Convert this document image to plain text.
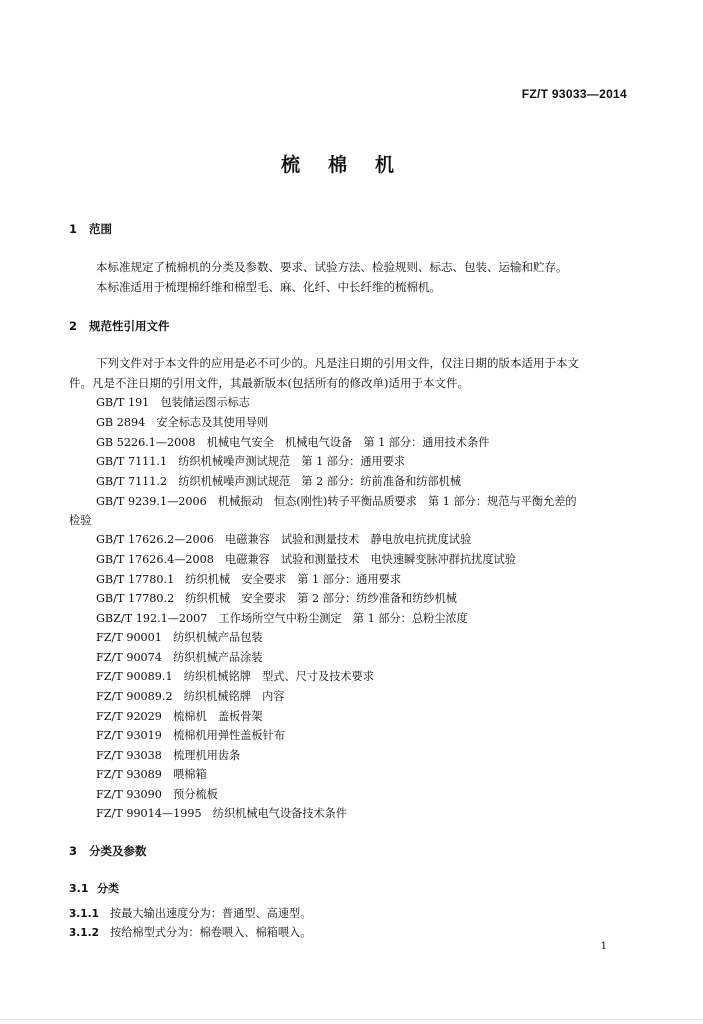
FZ/T 93033—2014
梳棉机
1 范围
本标准规定了梳棉机的分类及参数、要求、试验方法、检验规则、标志、包装、运输和贮存。
本标准适用于梳理棉纤维和棉型毛、麻、化纤、中长纤维的梳棉机。
2 规范性引用文件
下列文件对于本文件的应用是必不可少的。凡是注日期的引用文件，仅注日期的版本适用于本文
件。凡是不注日期的引用文件，其最新版本(包括所有的修改单)适用于本文件。
GB/T 191　包装储运图示标志
GB 2894　安全标志及其使用导则
GB 5226.1—2008　机械电气安全　机械电气设备　第 1 部分：通用技术条件
GB/T 7111.1　纺织机械噪声测试规范　第 1 部分：通用要求
GB/T 7111.2　纺织机械噪声测试规范　第 2 部分：纺前准备和纺部机械
GB/T 9239.1—2006　机械振动　恒态(刚性)转子平衡品质要求　第 1 部分：规范与平衡允差的
检验
GB/T 17626.2—2006　电磁兼容　试验和测量技术　静电放电抗扰度试验
GB/T 17626.4—2008　电磁兼容　试验和测量技术　电快速瞬变脉冲群抗扰度试验
GB/T 17780.1　纺织机械　安全要求　第 1 部分：通用要求
GB/T 17780.2　纺织机械　安全要求　第 2 部分：纺纱准备和纺纱机械
GBZ/T 192.1—2007　工作场所空气中粉尘测定　第 1 部分：总粉尘浓度
FZ/T 90001　纺织机械产品包装
FZ/T 90074　纺织机械产品涂装
FZ/T 90089.1　纺织机械铭牌　型式、尺寸及技术要求
FZ/T 90089.2　纺织机械铭牌　内容
FZ/T 92029　梳棉机　盖板骨架
FZ/T 93019　梳棉机用弹性盖板针布
FZ/T 93038　梳理机用齿条
FZ/T 93089　喂棉箱
FZ/T 93090　预分梳板
FZ/T 99014—1995　纺织机械电气设备技术条件
3 分类及参数
3.1 分类
3.1.1 按最大输出速度分为：普通型、高速型。
3.1.2 按给棉型式分为：棉卷喂入、棉箱喂入。
1
